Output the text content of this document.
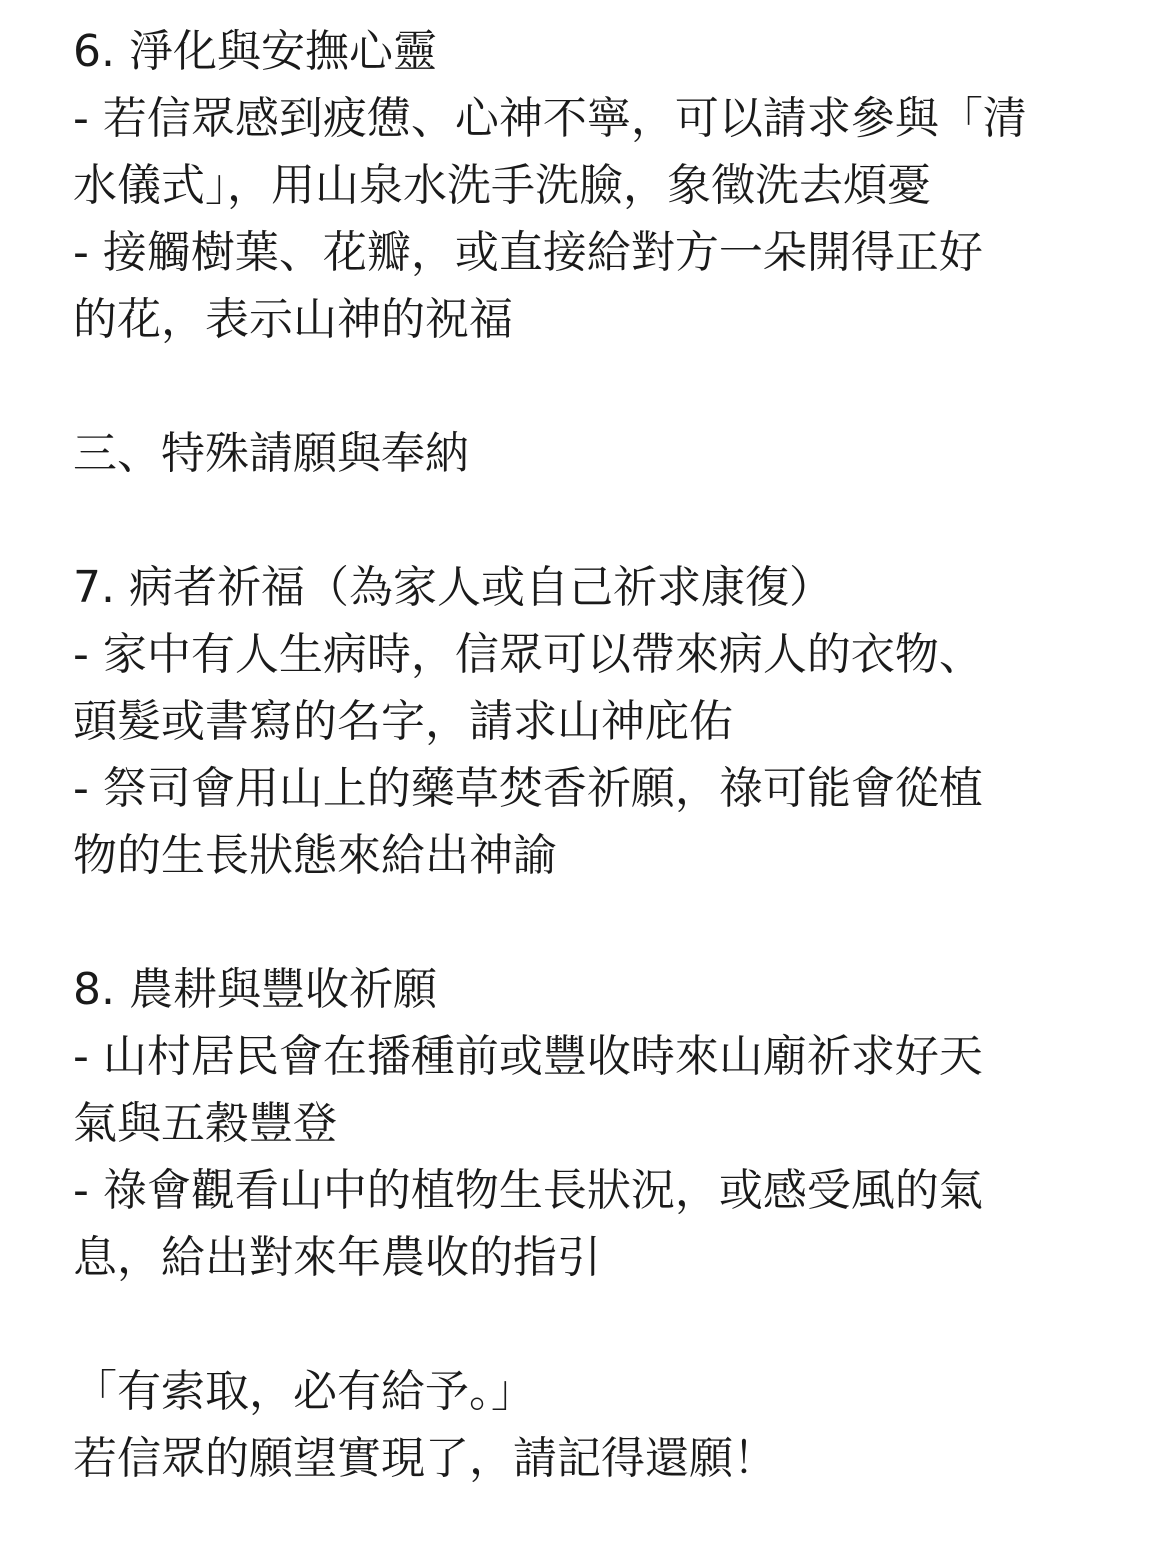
6. 淨化與安撫心靈
- 若信眾感到疲憊、心神不寧，可以請求參與「清
水儀式」，用山泉水洗手洗臉，象徵洗去煩憂
- 接觸樹葉、花瓣，或直接給對方一朵開得正好
的花，表示山神的祝福
三、特殊請願與奉納
7. 病者祈福（為家人或自己祈求康復）
- 家中有人生病時，信眾可以帶來病人的衣物、
頭髮或書寫的名字，請求山神庇佑
- 祭司會用山上的藥草焚香祈願，祿可能會從植
物的生長狀態來給出神諭
8. 農耕與豐收祈願
- 山村居民會在播種前或豐收時來山廟祈求好天
氣與五穀豐登
- 祿會觀看山中的植物生長狀況，或感受風的氣
息，給出對來年農收的指引
「有索取，必有給予。」
若信眾的願望實現了，請記得還願！
